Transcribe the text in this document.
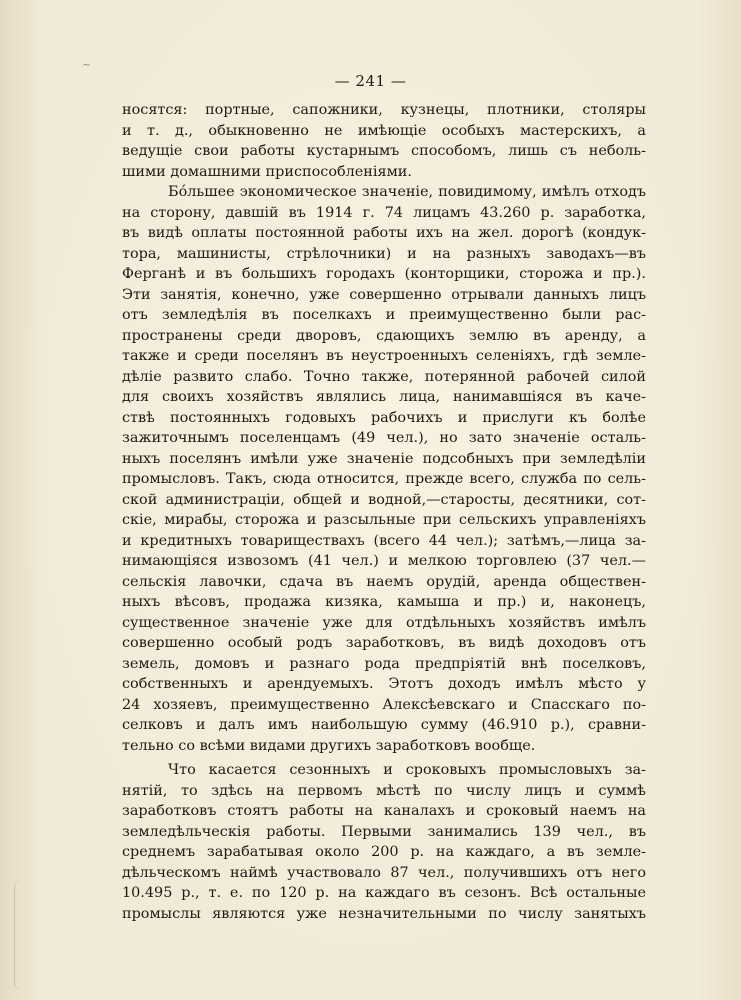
~
— 241 —
носятся: портные, сапожники, кузнецы, плотники, столяры
и т. д., обыкновенно не имѣющіе особыхъ мастерскихъ, а
ведущіе свои работы кустарнымъ способомъ, лишь съ неболь-
шими домашними приспособленіями.
Бóльшее экономическое значеніе, повидимому, имѣлъ отходъ
на сторону, давшій въ 1914 г. 74 лицамъ 43.260 р. заработка,
въ видѣ оплаты постоянной работы ихъ на жел. дорогѣ (кондук-
тора, машинисты, стрѣлочники) и на разныхъ заводахъ—въ
Ферганѣ и въ большихъ городахъ (конторщики, сторожа и пр.).
Эти занятія, конечно, уже совершенно отрывали данныхъ лицъ
отъ земледѣлія въ поселкахъ и преимущественно были рас-
пространены среди дворовъ, сдающихъ землю въ аренду, а
также и среди поселянъ въ неустроенныхъ селеніяхъ, гдѣ земле-
дѣліе развито слабо. Точно также, потерянной рабочей силой
для своихъ хозяйствъ являлись лица, нанимавшіяся въ каче-
ствѣ постоянныхъ годовыхъ рабочихъ и прислуги къ болѣе
зажиточнымъ поселенцамъ (49 чел.), но зато значеніе осталь-
ныхъ поселянъ имѣли уже значеніе подсобныхъ при земледѣліи
промысловъ. Такъ, сюда относится, прежде всего, служба по сель-
ской администраціи, общей и водной,—старосты, десятники, сот-
скіе, мирабы, сторожа и разсыльные при сельскихъ управленіяхъ
и кредитныхъ товариществахъ (всего 44 чел.); затѣмъ,—лица за-
нимающіяся извозомъ (41 чел.) и мелкою торговлею (37 чел.—
сельскія лавочки, сдача въ наемъ орудій, аренда обществен-
ныхъ вѣсовъ, продажа кизяка, камыша и пр.) и, наконецъ,
существенное значеніе уже для отдѣльныхъ хозяйствъ имѣлъ
совершенно особый родъ заработковъ, въ видѣ доходовъ отъ
земель, домовъ и разнаго рода предпріятій внѣ поселковъ,
собственныхъ и арендуемыхъ. Этотъ доходъ имѣлъ мѣсто у
24 хозяевъ, преимущественно Алексѣевскаго и Спасскаго по-
селковъ и далъ имъ наибольшую сумму (46.910 р.), сравни-
тельно со всѣми видами другихъ заработковъ вообще.
Что касается сезонныхъ и сроковыхъ промысловыхъ за-
нятій, то здѣсь на первомъ мѣстѣ по числу лицъ и суммѣ
заработковъ стоятъ работы на каналахъ и сроковый наемъ на
земледѣльческія работы. Первыми занимались 139 чел., въ
среднемъ зарабатывая около 200 р. на каждаго, а въ земле-
дѣльческомъ наймѣ участвовало 87 чел., получившихъ отъ него
10.495 р., т. е. по 120 р. на каждаго въ сезонъ. Всѣ остальные
промыслы являются уже незначительными по числу занятыхъ
